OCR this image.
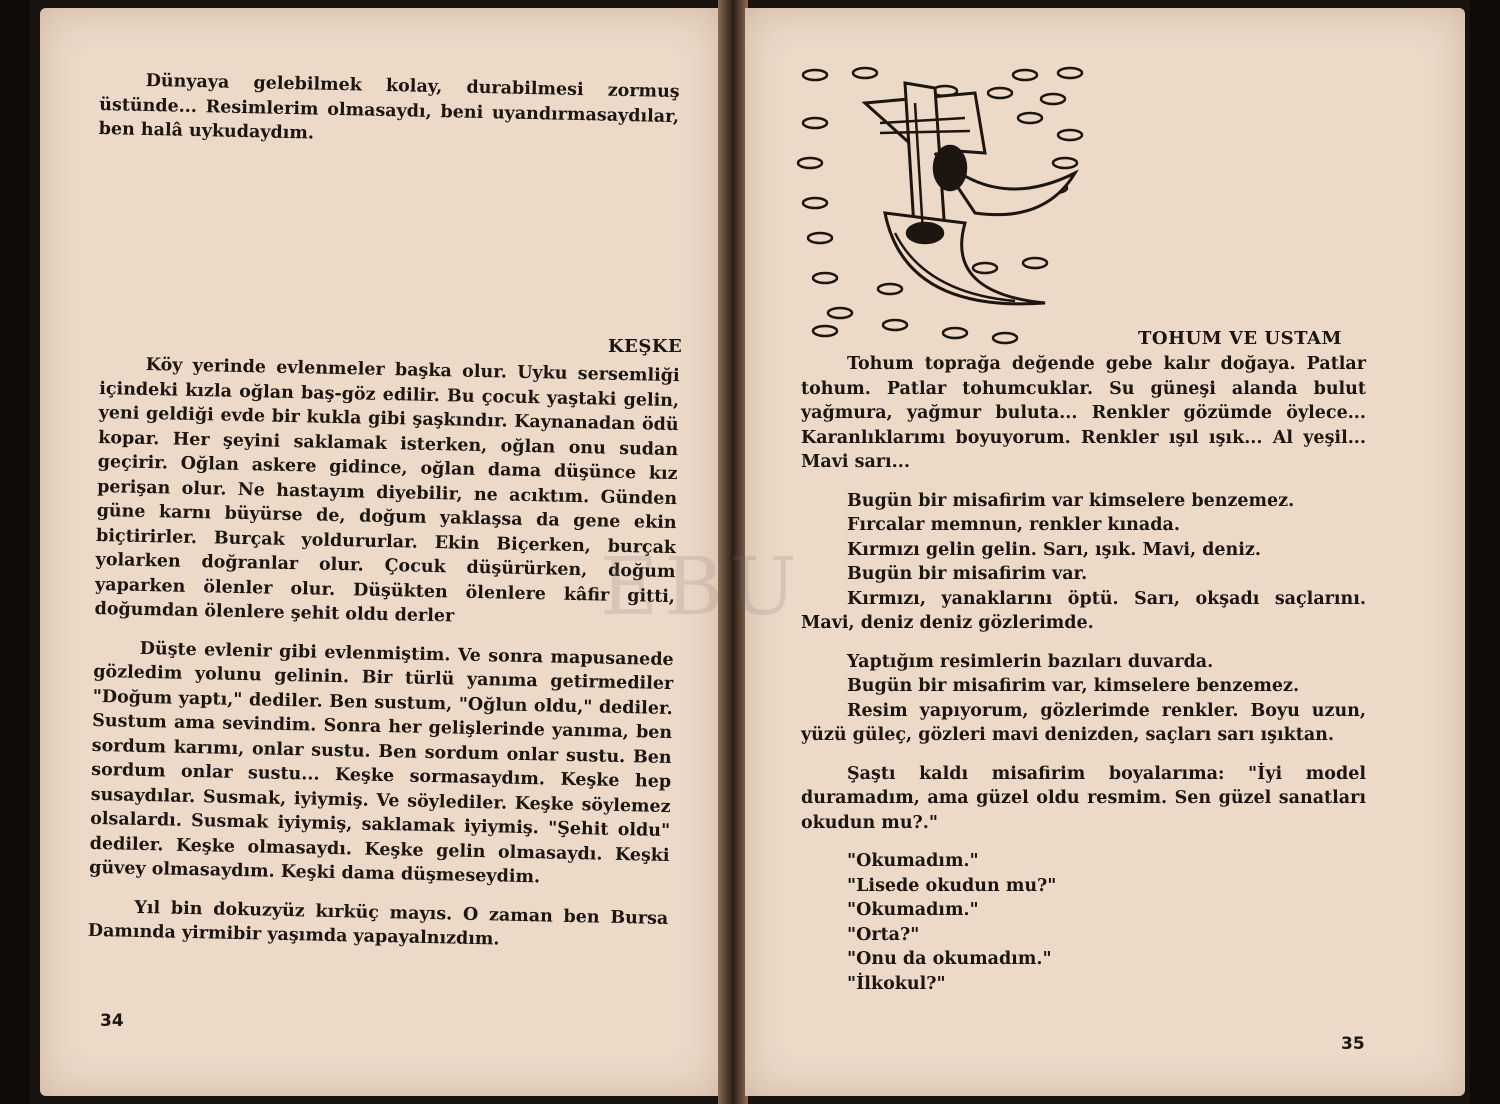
Dünyaya gelebilmek kolay, durabilmesi zormuş üstünde... Resimlerim olmasaydı, beni uyandırmasaydılar, ben halâ uykudaydım.

KEŞKE

Köy yerinde evlenmeler başka olur. Uyku sersemliği içindeki kızla oğlan baş-göz edilir. Bu çocuk yaştaki gelin, yeni geldiği evde bir kukla gibi şaşkındır. Kaynanadan ödü kopar. Her şeyini saklamak isterken, oğlan onu sudan geçirir. Oğlan askere gidince, oğlan dama düşünce kız perişan olur. Ne hastayım diyebilir, ne acıktım. Günden güne karnı büyürse de, doğum yaklaşsa da gene ekin biçtirirler. Burçak yoldururlar. Ekin Biçerken, burçak yolarken doğranlar olur. Çocuk düşürürken, doğum yaparken ölenler olur. Düşükten ölenlere kâfir gitti, doğumdan ölenlere şehit oldu derler

Düşte evlenir gibi evlenmiştim. Ve sonra mapusanede gözledim yolunu gelinin. Bir türlü yanıma getirmediler "Doğum yaptı," dediler. Ben sustum, "Oğlun oldu," dediler. Sustum ama sevindim. Sonra her gelişlerinde yanıma, ben sordum karımı, onlar sustu. Ben sordum onlar sustu. Ben sordum onlar sustu... Keşke sormasaydım. Keşke hep susaydılar. Susmak, iyiymiş. Ve söylediler. Keşke söylemez olsalardı. Susmak iyiymiş, saklamak iyiymiş. "Şehit oldu" dediler. Keşke olmasaydı. Keşke gelin olmasaydı. Keşki güvey olmasaydım. Keşki dama düşmeseydim.

Yıl bin dokuzyüz kırküç mayıs. O zaman ben Bursa Damında yirmibir yaşımda yapayalnızdım.

34
TOHUM VE USTAM

Tohum toprağa değende gebe kalır doğaya. Patlar tohum. Patlar tohumcuklar. Su güneşi alanda bulut yağmura, yağmur buluta... Renkler gözümde öylece... Karanlıklarımı boyuyorum. Renkler ışıl ışık... Al yeşil... Mavi sarı...

Bugün bir misafirim var kimselere benzemez.

Fırcalar memnun, renkler kınada.

Kırmızı gelin gelin. Sarı, ışık. Mavi, deniz.

Bugün bir misafirim var.

Kırmızı, yanaklarını öptü. Sarı, okşadı saçlarını. Mavi, deniz deniz gözlerimde.

Yaptığım resimlerin bazıları duvarda.

Bugün bir misafirim var, kimselere benzemez.

Resim yapıyorum, gözlerimde renkler. Boyu uzun, yüzü güleç, gözleri mavi denizden, saçları sarı ışıktan.

Şaştı kaldı misafirim boyalarıma: "İyi model duramadım, ama güzel oldu resmim. Sen güzel sanatları okudun mu?."

"Okumadım."

"Lisede okudun mu?"

"Okumadım."

"Orta?"

"Onu da okumadım."

"İlkokul?"

35
EBU
